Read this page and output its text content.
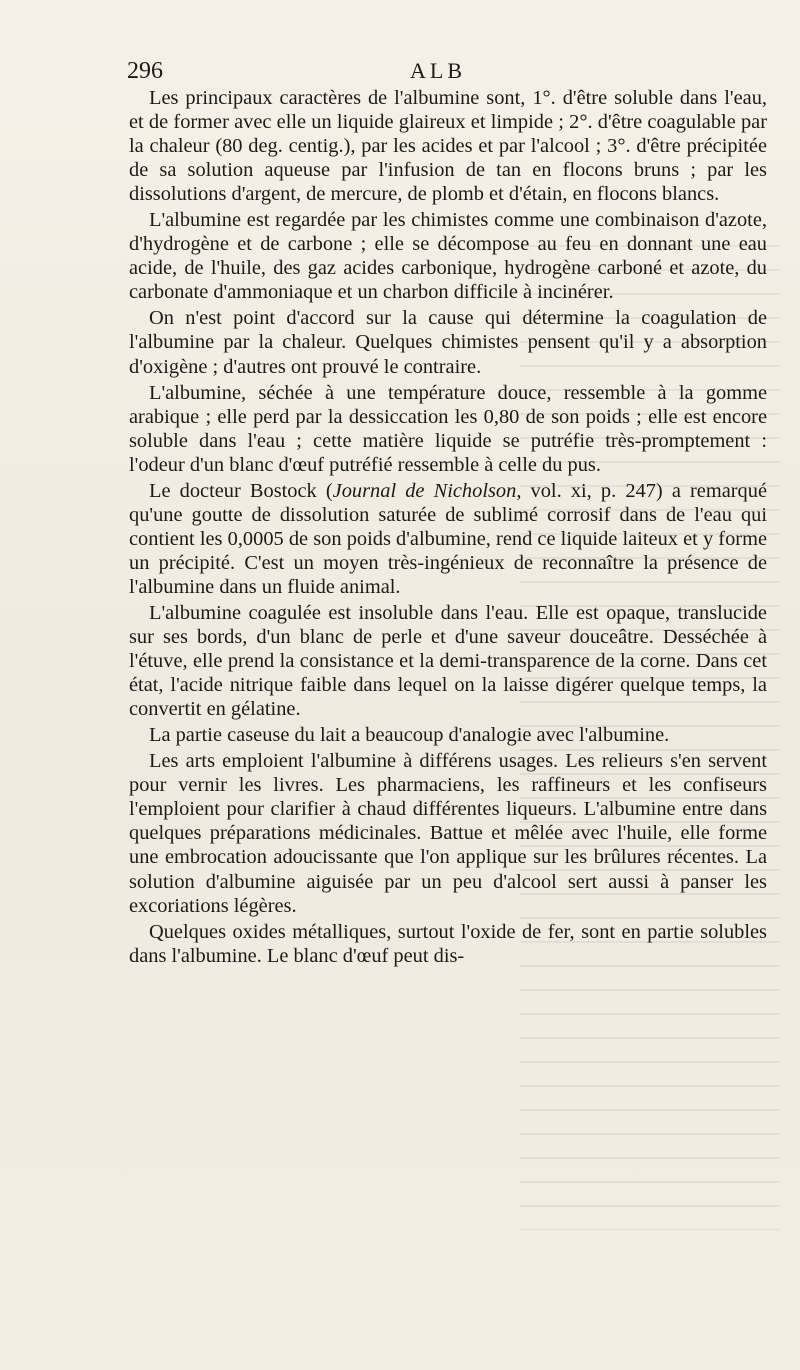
296	ALB

Les principaux caractères de l'albumine sont, 1°. d'être soluble dans l'eau, et de former avec elle un liquide glaireux et limpide ; 2°. d'être coagulable par la chaleur (80 deg. centig.), par les acides et par l'alcool ; 3°. d'être précipitée de sa solution aqueuse par l'infusion de tan en flocons bruns ; par les dissolutions d'argent, de mercure, de plomb et d'étain, en flocons blancs.

L'albumine est regardée par les chimistes comme une combinaison d'azote, d'hydrogène et de carbone ; elle se décompose au feu en donnant une eau acide, de l'huile, des gaz acides carbonique, hydrogène carboné et azote, du carbonate d'ammoniaque et un charbon difficile à incinérer.

On n'est point d'accord sur la cause qui détermine la coagulation de l'albumine par la chaleur. Quelques chimistes pensent qu'il y a absorption d'oxigène ; d'autres ont prouvé le contraire.

L'albumine, séchée à une température douce, ressemble à la gomme arabique ; elle perd par la dessiccation les 0,80 de son poids ; elle est encore soluble dans l'eau ; cette matière liquide se putréfie très-promptement : l'odeur d'un blanc d'œuf putréfié ressemble à celle du pus.

Le docteur Bostock (Journal de Nicholson, vol. xi, p. 247) a remarqué qu'une goutte de dissolution saturée de sublimé corrosif dans de l'eau qui contient les 0,0005 de son poids d'albumine, rend ce liquide laiteux et y forme un précipité. C'est un moyen très-ingénieux de reconnaître la présence de l'albumine dans un fluide animal.

L'albumine coagulée est insoluble dans l'eau. Elle est opaque, translucide sur ses bords, d'un blanc de perle et d'une saveur douceâtre. Desséchée à l'étuve, elle prend la consistance et la demi-transparence de la corne. Dans cet état, l'acide nitrique faible dans lequel on la laisse digérer quelque temps, la convertit en gélatine.

La partie caseuse du lait a beaucoup d'analogie avec l'albumine.

Les arts emploient l'albumine à différens usages. Les relieurs s'en servent pour vernir les livres. Les pharmaciens, les raffineurs et les confiseurs l'emploient pour clarifier à chaud différentes liqueurs. L'albumine entre dans quelques préparations médicinales. Battue et mêlée avec l'huile, elle forme une embrocation adoucissante que l'on applique sur les brûlures récentes. La solution d'albumine aiguisée par un peu d'alcool sert aussi à panser les excoriations légères.

Quelques oxides métalliques, surtout l'oxide de fer, sont en partie solubles dans l'albumine. Le blanc d'œuf peut dis-
